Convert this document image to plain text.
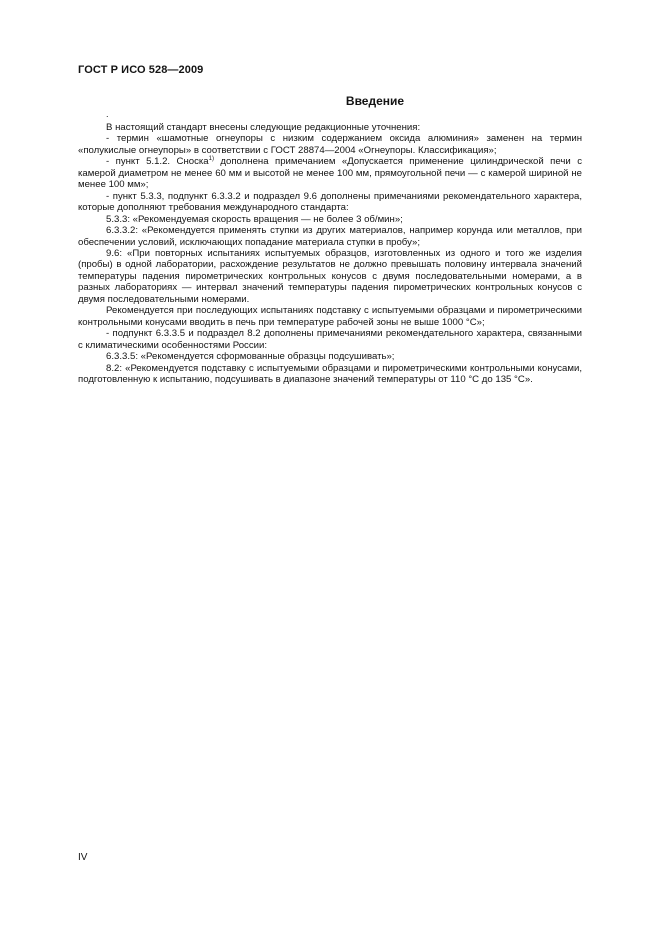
ГОСТ Р ИСО 528—2009
Введение
.

В настоящий стандарт внесены следующие редакционные уточнения:

- термин «шамотные огнеупоры с низким содержанием оксида алюминия» заменен на термин «полукислые огнеупоры» в соответствии с ГОСТ 28874—2004 «Огнеупоры. Классификация»;

- пункт 5.1.2. Сноска$^{1)}$ дополнена примечанием «Допускается применение цилиндрической печи с камерой диаметром не менее 60 мм и высотой не менее 100 мм, прямоугольной печи — с камерой шириной не менее 100 мм»;

- пункт 5.3.3, подпункт 6.3.3.2 и подраздел 9.6 дополнены примечаниями рекомендательного характера, которые дополняют требования международного стандарта:

5.3.3: «Рекомендуемая скорость вращения — не более 3 об/мин»;

6.3.3.2: «Рекомендуется применять ступки из других материалов, например корунда или металлов, при обеспечении условий, исключающих попадание материала ступки в пробу»;

9.6: «При повторных испытаниях испытуемых образцов, изготовленных из одного и того же изделия (пробы) в одной лаборатории, расхождение результатов не должно превышать половину интервала значений температуры падения пирометрических контрольных конусов с двумя последовательными номерами, а в разных лабораториях — интервал значений температуры падения пирометрических контрольных конусов с двумя последовательными номерами.

Рекомендуется при последующих испытаниях подставку с испытуемыми образцами и пирометрическими контрольными конусами вводить в печь при температуре рабочей зоны не выше 1000 °С»;

- подпункт 6.3.3.5 и подраздел 8.2 дополнены примечаниями рекомендательного характера, связанными с климатическими особенностями России:

6.3.3.5: «Рекомендуется сформованные образцы подсушивать»;

8.2: «Рекомендуется подставку с испытуемыми образцами и пирометрическими контрольными конусами, подготовленную к испытанию, подсушивать в диапазоне значений температуры от 110 °С до 135 °С».

IV
